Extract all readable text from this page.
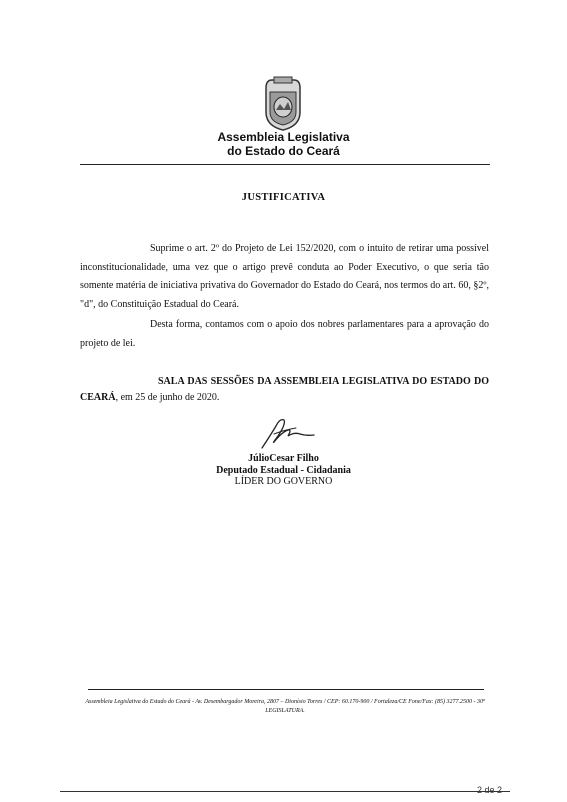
Assembleia Legislativa
do Estado do Ceará
JUSTIFICATIVA

Suprime o art. 2º do Projeto de Lei 152/2020, com o intuito de retirar uma possível inconstitucionalidade, uma vez que o artigo prevê conduta ao Poder Executivo, o que seria tão somente matéria de iniciativa privativa do Governador do Estado do Ceará, nos termos do art. 60, §2º, "d", do Constituição Estadual do Ceará.

Desta forma, contamos com o apoio dos nobres parlamentares para a aprovação do projeto de lei.

SALA DAS SESSÕES DA ASSEMBLEIA LEGISLATIVA DO ESTADO DO CEARÁ, em 25 de junho de 2020.

JúlioCesar Filho
Deputado Estadual - Cidadania
LÍDER DO GOVERNO
Assembleia Legislativa do Estado do Ceará - Av. Desembargador Moreira, 2807 – Dionísio Torres / CEP: 60.170-900 / Fortaleza/CE Fone/Fax: (85) 3277.2500 - 30ª LEGISLATURA.
2 de 2
